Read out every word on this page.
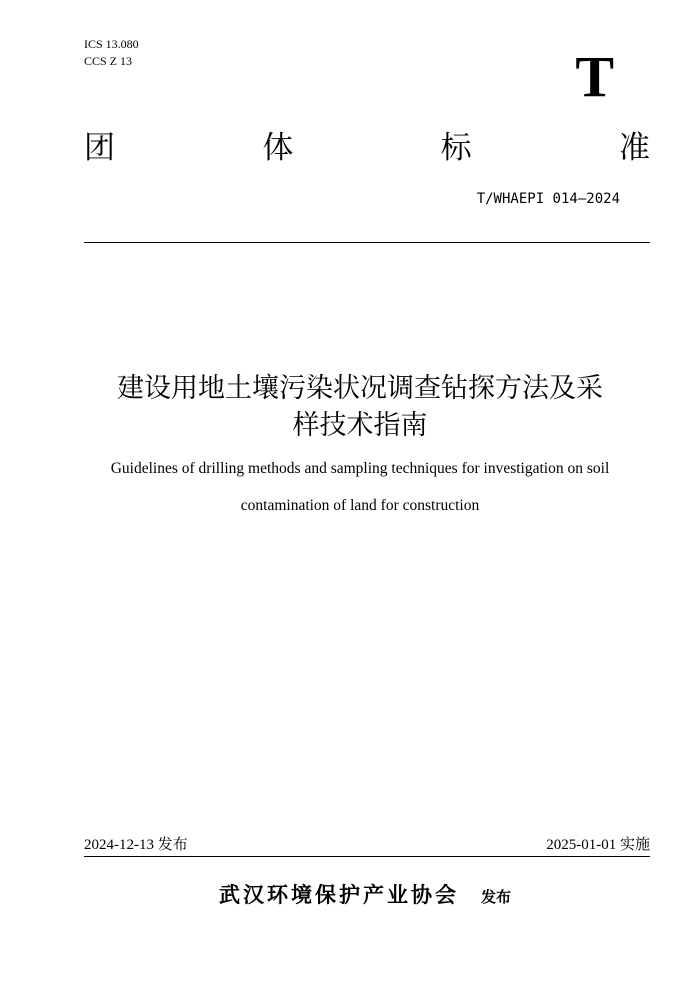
ICS 13.080
CCS Z 13	T
团	体	标	准
T/WHAEPI 014—2024
建设用地土壤污染状况调查钻探方法及采
样技术指南
Guidelines of drilling methods and sampling techniques for investigation on soil
contamination of land for construction
2024-12-13 发布	2025-01-01 实施
武汉环境保护产业协会 发布
